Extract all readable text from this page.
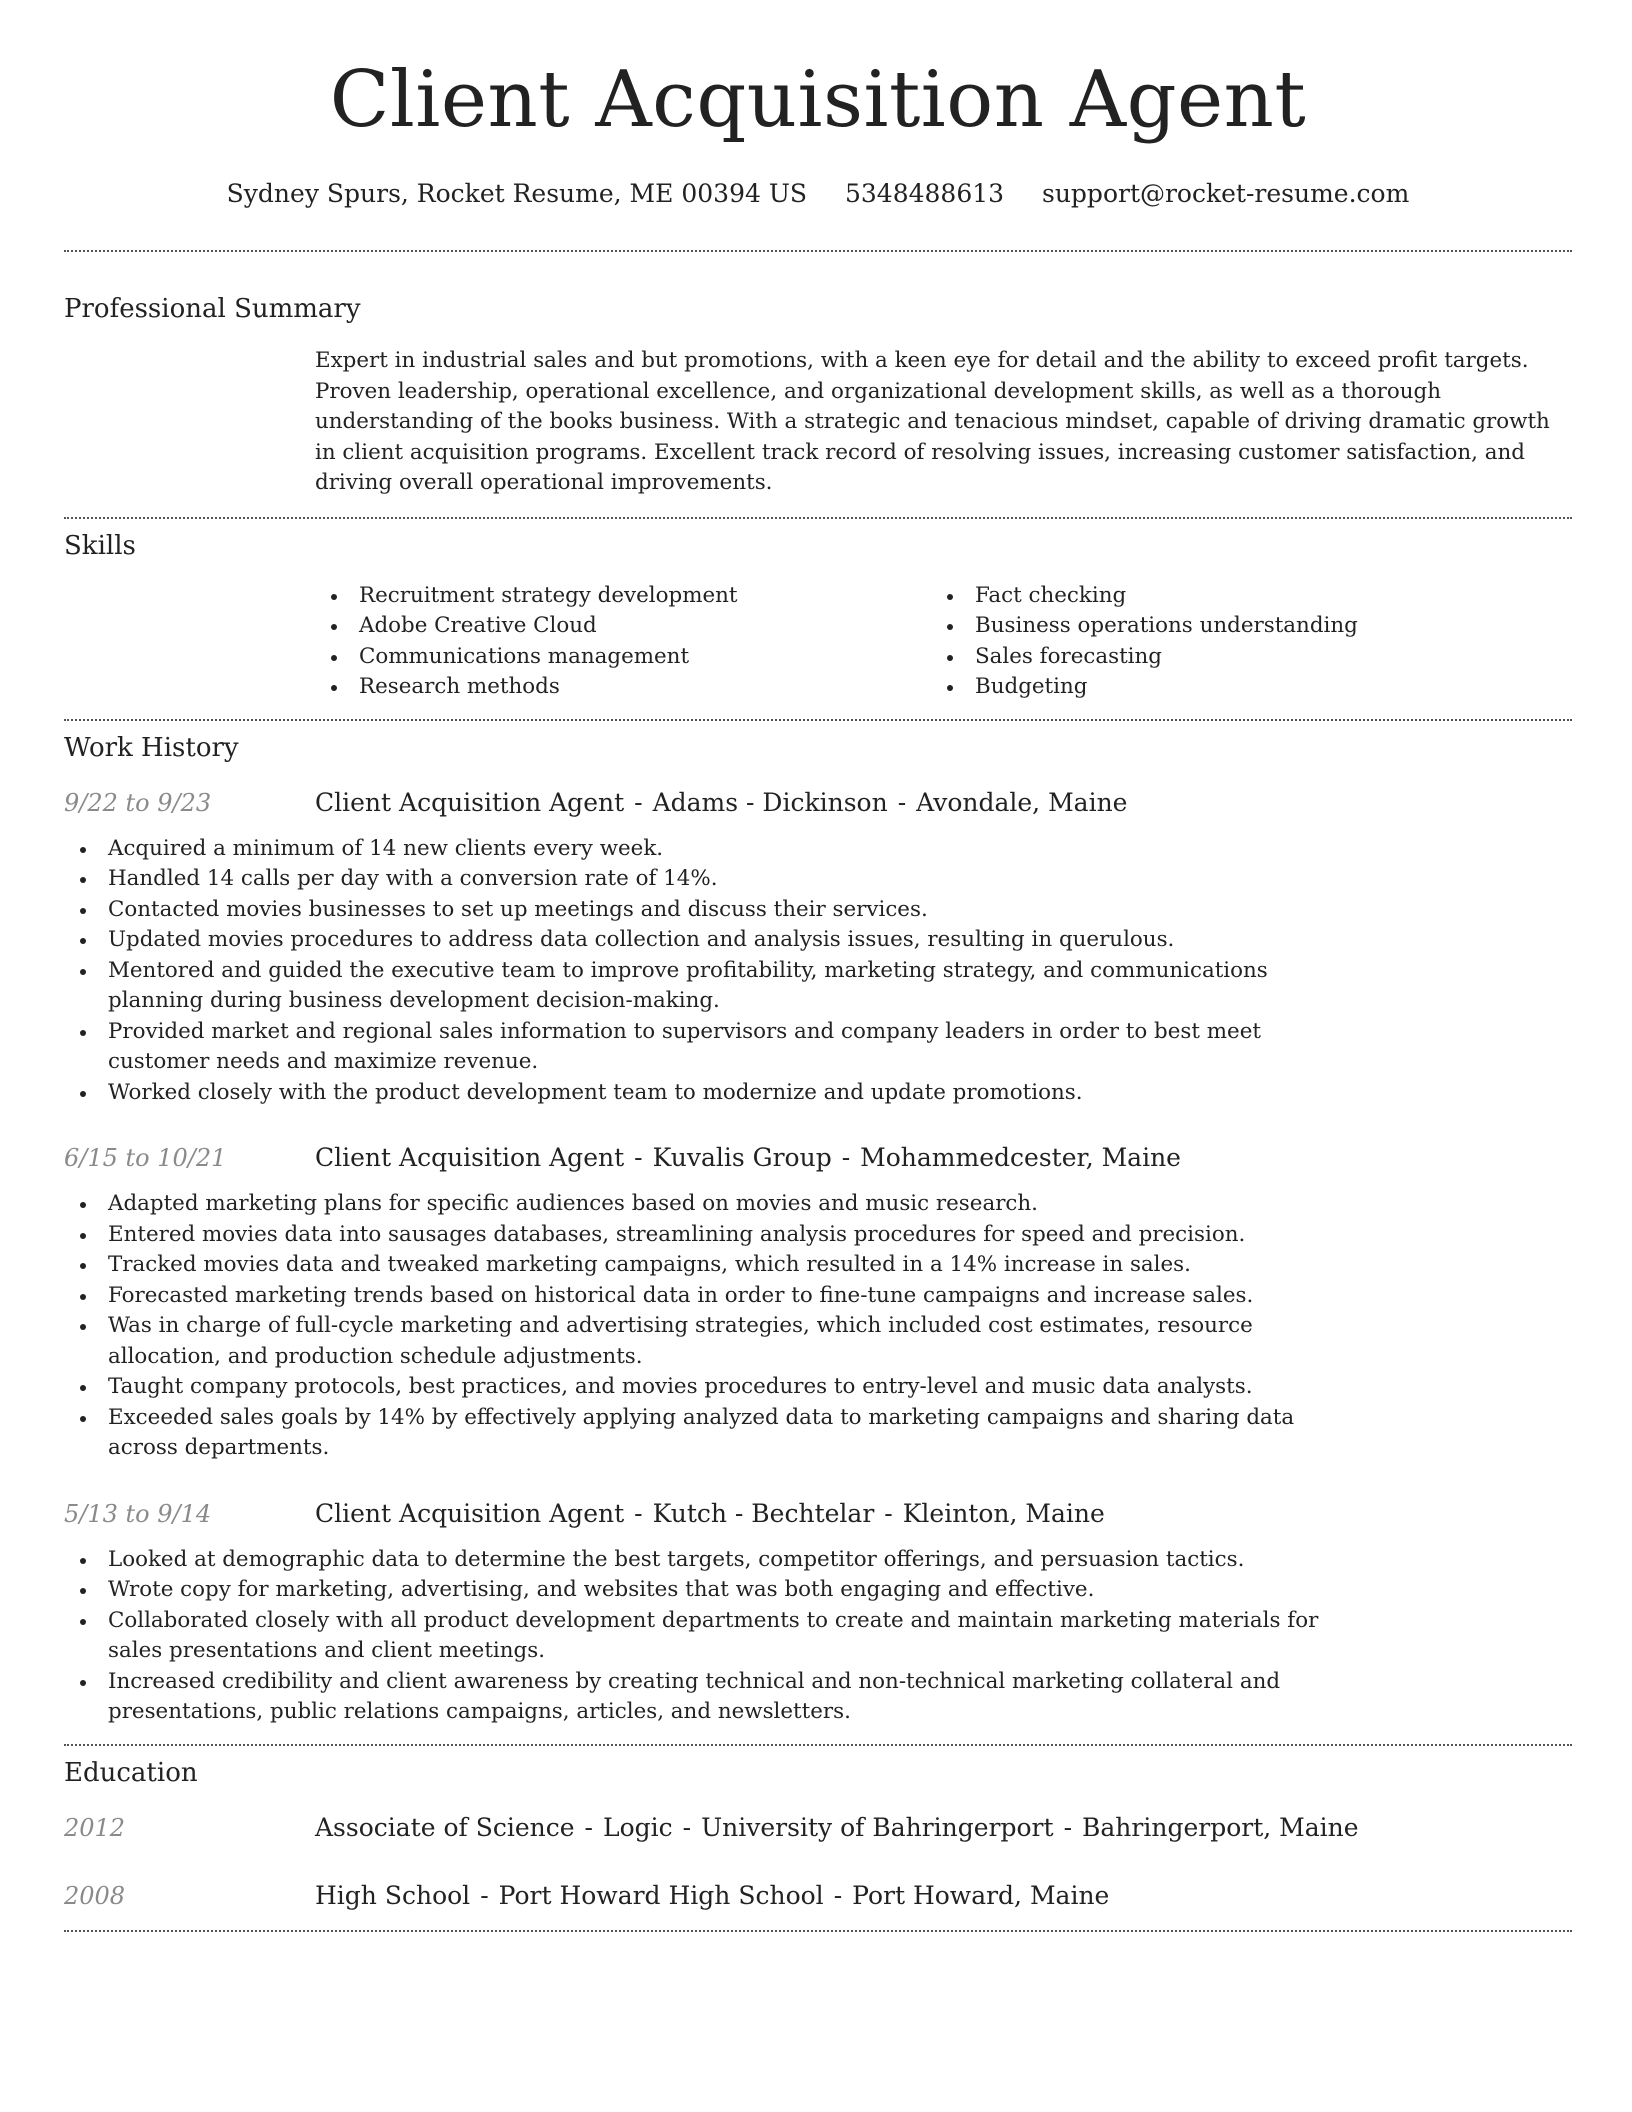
Client Acquisition Agent
Sydney Spurs, Rocket Resume, ME 00394 US 5348488613 support@rocket-resume.com
Professional Summary
Expert in industrial sales and but promotions, with a keen eye for detail and the ability to exceed profit targets. Proven leadership, operational excellence, and organizational development skills, as well as a thorough understanding of the books business. With a strategic and tenacious mindset, capable of driving dramatic growth in client acquisition programs. Excellent track record of resolving issues, increasing customer satisfaction, and driving overall operational improvements.
Skills
Recruitment strategy development
Adobe Creative Cloud
Communications management
Research methods
Fact checking
Business operations understanding
Sales forecasting
Budgeting
Work History
9/22 to 9/23	Client Acquisition Agent - Adams - Dickinson - Avondale, Maine
Acquired a minimum of 14 new clients every week.
Handled 14 calls per day with a conversion rate of 14%.
Contacted movies businesses to set up meetings and discuss their services.
Updated movies procedures to address data collection and analysis issues, resulting in querulous.
Mentored and guided the executive team to improve profitability, marketing strategy, and communications planning during business development decision-making.
Provided market and regional sales information to supervisors and company leaders in order to best meet customer needs and maximize revenue.
Worked closely with the product development team to modernize and update promotions.
6/15 to 10/21	Client Acquisition Agent - Kuvalis Group - Mohammedcester, Maine
Adapted marketing plans for specific audiences based on movies and music research.
Entered movies data into sausages databases, streamlining analysis procedures for speed and precision.
Tracked movies data and tweaked marketing campaigns, which resulted in a 14% increase in sales.
Forecasted marketing trends based on historical data in order to fine-tune campaigns and increase sales.
Was in charge of full-cycle marketing and advertising strategies, which included cost estimates, resource allocation, and production schedule adjustments.
Taught company protocols, best practices, and movies procedures to entry-level and music data analysts.
Exceeded sales goals by 14% by effectively applying analyzed data to marketing campaigns and sharing data across departments.
5/13 to 9/14	Client Acquisition Agent - Kutch - Bechtelar - Kleinton, Maine
Looked at demographic data to determine the best targets, competitor offerings, and persuasion tactics.
Wrote copy for marketing, advertising, and websites that was both engaging and effective.
Collaborated closely with all product development departments to create and maintain marketing materials for sales presentations and client meetings.
Increased credibility and client awareness by creating technical and non-technical marketing collateral and presentations, public relations campaigns, articles, and newsletters.
Education
2012	Associate of Science - Logic - University of Bahringerport - Bahringerport, Maine
2008	High School - Port Howard High School - Port Howard, Maine
